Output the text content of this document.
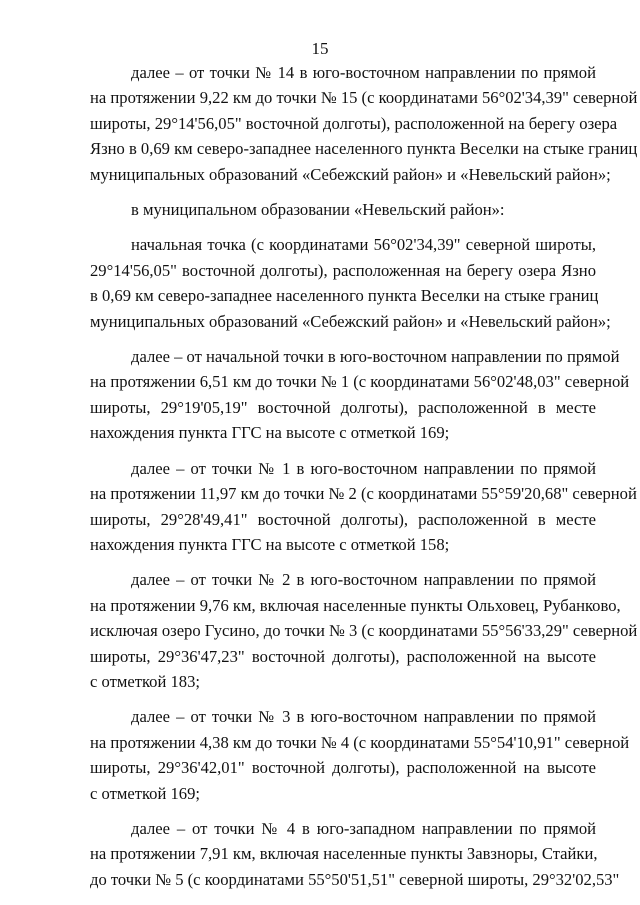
15
далее – от точки № 14 в юго-восточном направлении по прямой
на протяжении 9,22 км до точки № 15 (с координатами 56°02'34,39" северной
широты, 29°14'56,05" восточной долготы), расположенной на берегу озера
Язно в 0,69 км северо-западнее населенного пункта Веселки на стыке границ
муниципальных образований «Себежский район» и «Невельский район»;
в муниципальном образовании «Невельский район»:
начальная точка (с координатами 56°02'34,39" северной широты,
29°14'56,05" восточной долготы), расположенная на берегу озера Язно
в 0,69 км северо-западнее населенного пункта Веселки на стыке границ
муниципальных образований «Себежский район» и «Невельский район»;
далее – от начальной точки в юго-восточном направлении по прямой
на протяжении 6,51 км до точки № 1 (с координатами 56°02'48,03" северной
широты, 29°19'05,19" восточной долготы), расположенной в месте
нахождения пункта ГГС на высоте с отметкой 169;
далее – от точки № 1 в юго-восточном направлении по прямой
на протяжении 11,97 км до точки № 2 (с координатами 55°59'20,68" северной
широты, 29°28'49,41" восточной долготы), расположенной в месте
нахождения пункта ГГС на высоте с отметкой 158;
далее – от точки № 2 в юго-восточном направлении по прямой
на протяжении 9,76 км, включая населенные пункты Ольховец, Рубанково,
исключая озеро Гусино, до точки № 3 (с координатами 55°56'33,29" северной
широты, 29°36'47,23" восточной долготы), расположенной на высоте
с отметкой 183;
далее – от точки № 3 в юго-восточном направлении по прямой
на протяжении 4,38 км до точки № 4 (с координатами 55°54'10,91" северной
широты, 29°36'42,01" восточной долготы), расположенной на высоте
с отметкой 169;
далее – от точки № 4 в юго-западном направлении по прямой
на протяжении 7,91 км, включая населенные пункты Завзноры, Стайки,
до точки № 5 (с координатами 55°50'51,51" северной широты, 29°32'02,53"
